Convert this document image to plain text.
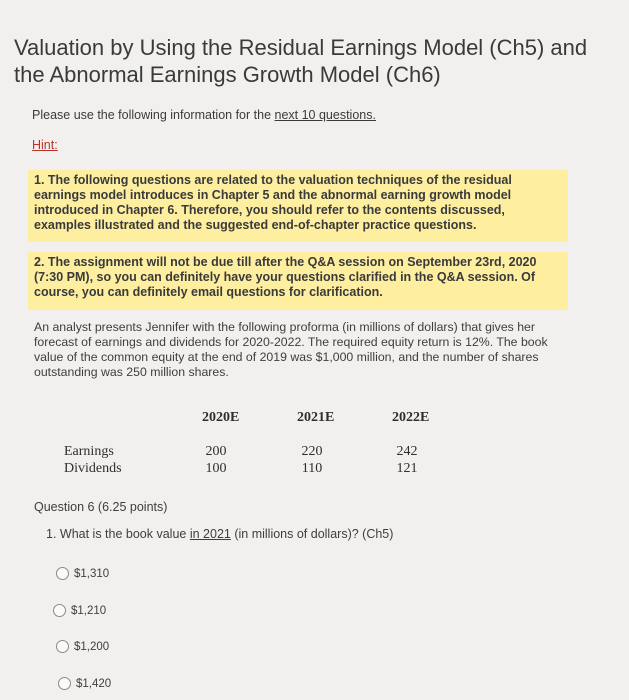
Valuation by Using the Residual Earnings Model (Ch5) and the Abnormal Earnings Growth Model (Ch6)
Please use the following information for the next 10 questions.
Hint:
1. The following questions are related to the valuation techniques of the residual earnings model introduces in Chapter 5 and the abnormal earning growth model introduced in Chapter 6. Therefore, you should refer to the contents discussed, examples illustrated and the suggested end-of-chapter practice questions.
2. The assignment will not be due till after the Q&A session on September 23rd, 2020 (7:30 PM), so you can definitely have your questions clarified in the Q&A session. Of course, you can definitely email questions for clarification.
An analyst presents Jennifer with the following proforma (in millions of dollars) that gives her forecast of earnings and dividends for 2020-2022. The required equity return is 12%. The book value of the common equity at the end of 2019 was $1,000 million, and the number of shares outstanding was 250 million shares.
2020E	2021E	2022E
Earnings	200	220	242
Dividends	100	110	121
Question 6 (6.25 points)
1. What is the book value in 2021 (in millions of dollars)? (Ch5)
$1,310
$1,210
$1,200
$1,420
